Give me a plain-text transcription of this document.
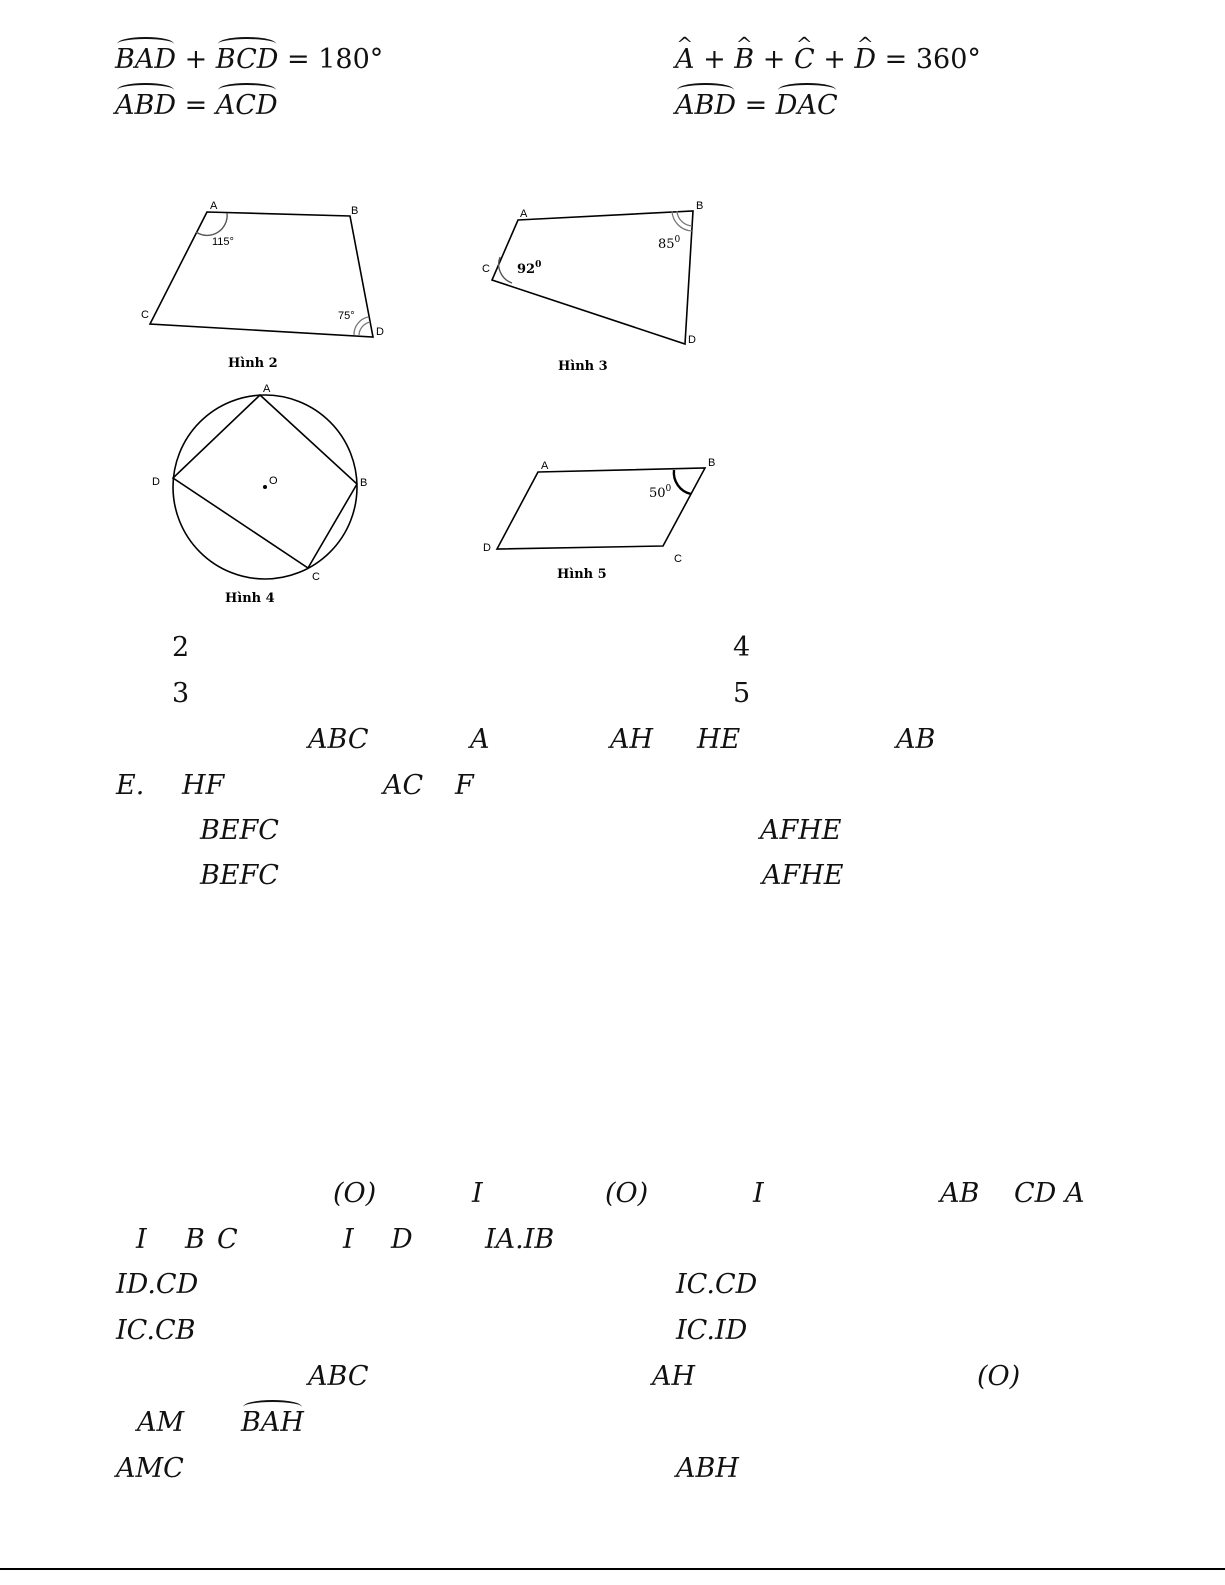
BAD + BCD = 180°
^	A + ^ B + ^ C + ^ D = 360°
ABD = ACD	ABD = DAC
A	B
C
D
115°
75°
Hình 2
A
B
C
D
$92^0$
$85^0$
Hình 3
A
B
C
D	O
Hình 4
A	B
C
D
$50^0$
Hình 5
2	4
3	5
ABC	A	AH HE	AB
E. HF	AC F
BEFC	AFHE
BEFC	AFHE
(O)	I	(O)	I	AB CD A
I B C	I D	IA.IB
ID.CD	IC.CD
IC.CB	IC.ID
ABC	AH	(O)
AM BAH
AMC	ABH
